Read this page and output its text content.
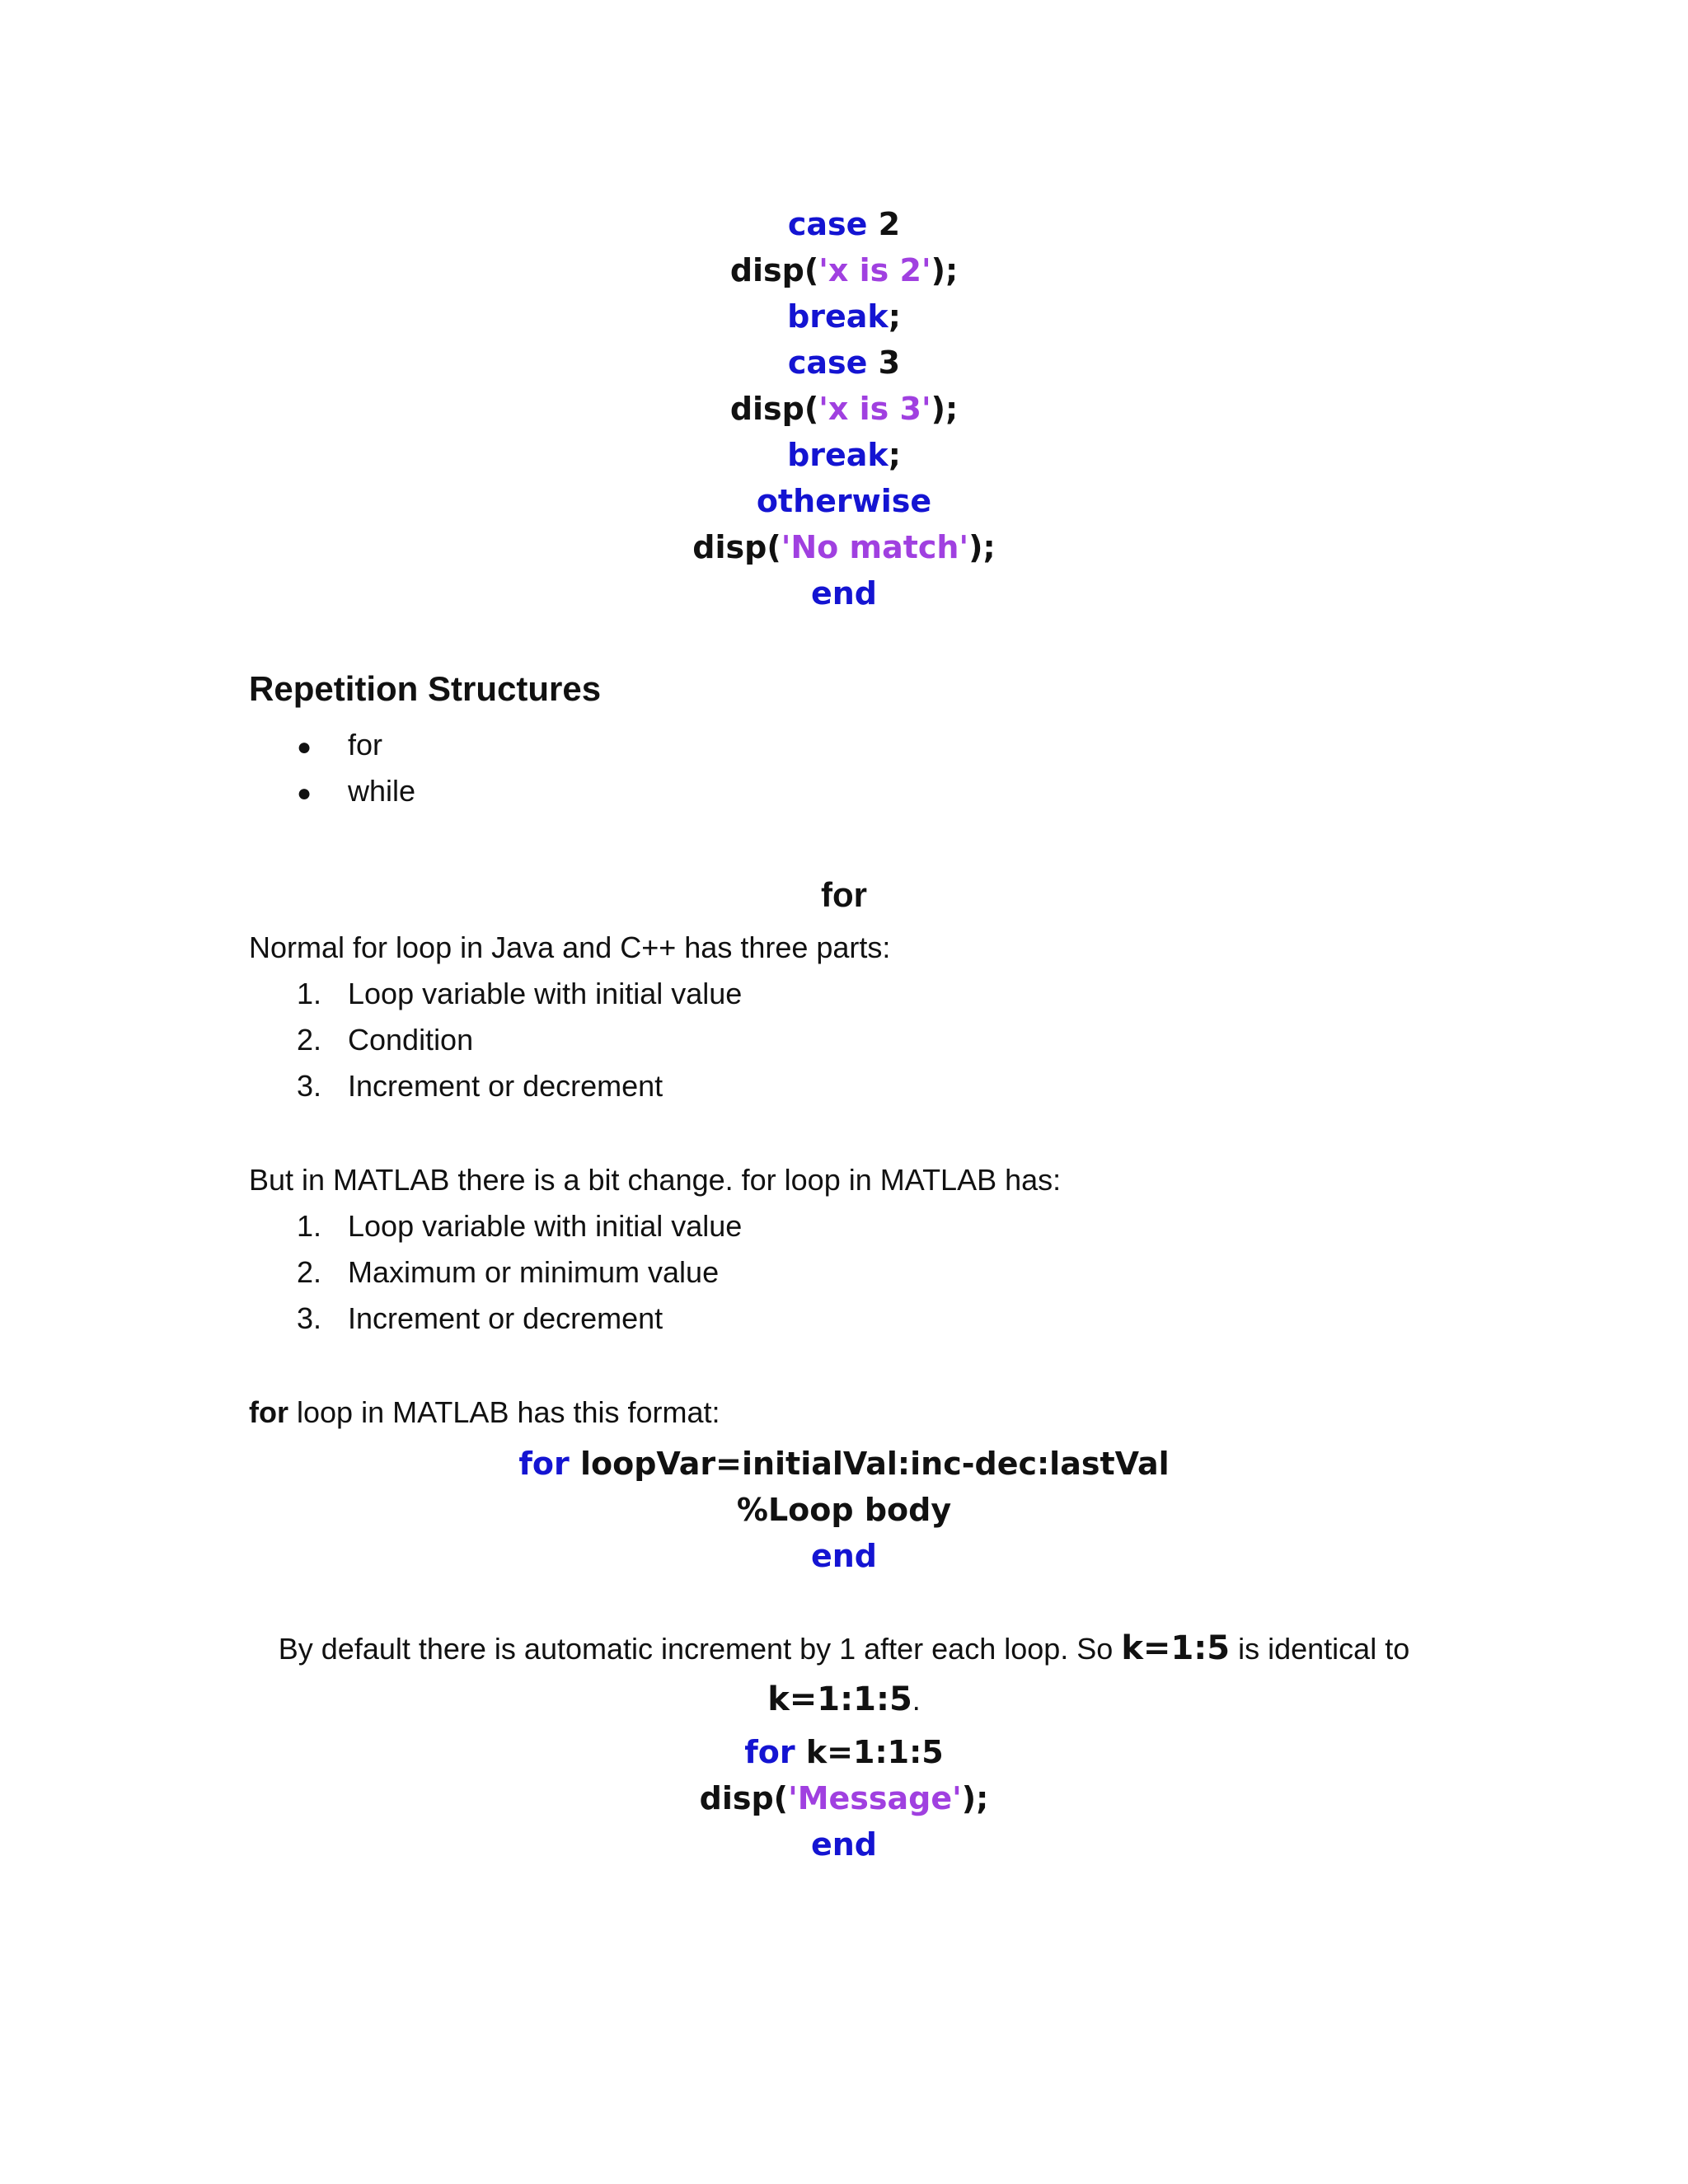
case 2
disp('x is 2');
break;
case 3
disp('x is 3');
break;
otherwise
disp('No match');
end
Repetition Structures
● for
● while
for
Normal for loop in Java and C++ has three parts:
1. Loop variable with initial value
2. Condition
3. Increment or decrement
But in MATLAB there is a bit change. for loop in MATLAB has:
1. Loop variable with initial value
2. Maximum or minimum value
3. Increment or decrement
for loop in MATLAB has this format:
for loopVar=initialVal:inc-dec:lastVal
%Loop body
end
By default there is automatic increment by 1 after each loop. So k=1:5 is identical to
k=1:1:5.
for k=1:1:5
disp('Message');
end
